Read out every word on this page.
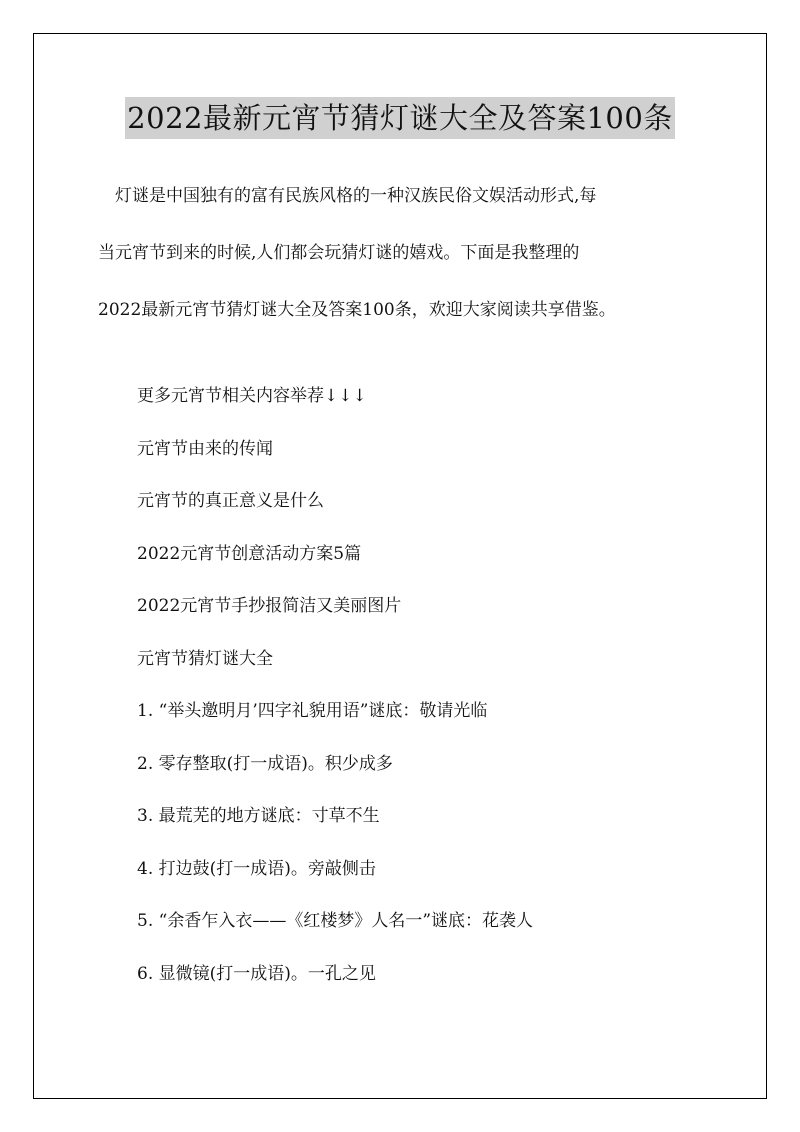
2022最新元宵节猜灯谜大全及答案100条

　灯谜是中国独有的富有民族风格的一种汉族民俗文娱活动形式,每
当元宵节到来的时候,人们都会玩猜灯谜的嬉戏。下面是我整理的
2022最新元宵节猜灯谜大全及答案100条，欢迎大家阅读共享借鉴。

更多元宵节相关内容举荐↓↓↓
元宵节由来的传闻
元宵节的真正意义是什么
2022元宵节创意活动方案5篇
2022元宵节手抄报简洁又美丽图片
元宵节猜灯谜大全
1. “举头邀明月’四字礼貌用语”谜底：敬请光临
2. 零存整取(打一成语)。积少成多
3. 最荒芜的地方谜底：寸草不生
4. 打边鼓(打一成语)。旁敲侧击
5. “余香乍入衣——《红楼梦》人名一”谜底：花袭人
6. 显微镜(打一成语)。一孔之见
